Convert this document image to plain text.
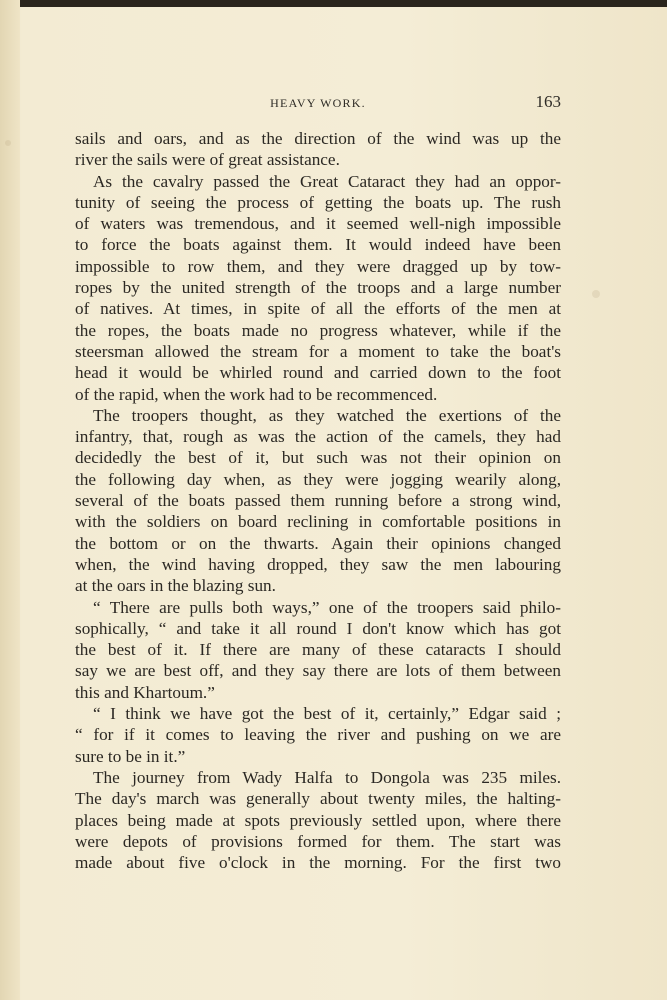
HEAVY WORK.	163
sails and oars, and as the direction of the wind was up the
river the sails were of great assistance.
As the cavalry passed the Great Cataract they had an oppor-
tunity of seeing the process of getting the boats up. The rush
of waters was tremendous, and it seemed well-nigh impossible
to force the boats against them. It would indeed have been
impossible to row them, and they were dragged up by tow-
ropes by the united strength of the troops and a large number
of natives. At times, in spite of all the efforts of the men at
the ropes, the boats made no progress whatever, while if the
steersman allowed the stream for a moment to take the boat's
head it would be whirled round and carried down to the foot
of the rapid, when the work had to be recommenced.
The troopers thought, as they watched the exertions of the
infantry, that, rough as was the action of the camels, they had
decidedly the best of it, but such was not their opinion on
the following day when, as they were jogging wearily along,
several of the boats passed them running before a strong wind,
with the soldiers on board reclining in comfortable positions in
the bottom or on the thwarts. Again their opinions changed
when, the wind having dropped, they saw the men labouring
at the oars in the blazing sun.
“ There are pulls both ways,” one of the troopers said philo-
sophically, “ and take it all round I don't know which has got
the best of it. If there are many of these cataracts I should
say we are best off, and they say there are lots of them between
this and Khartoum.”
“ I think we have got the best of it, certainly,” Edgar said ;
“ for if it comes to leaving the river and pushing on we are
sure to be in it.”
The journey from Wady Halfa to Dongola was 235 miles.
The day's march was generally about twenty miles, the halting-
places being made at spots previously settled upon, where there
were depots of provisions formed for them. The start was
made about five o'clock in the morning. For the first two
